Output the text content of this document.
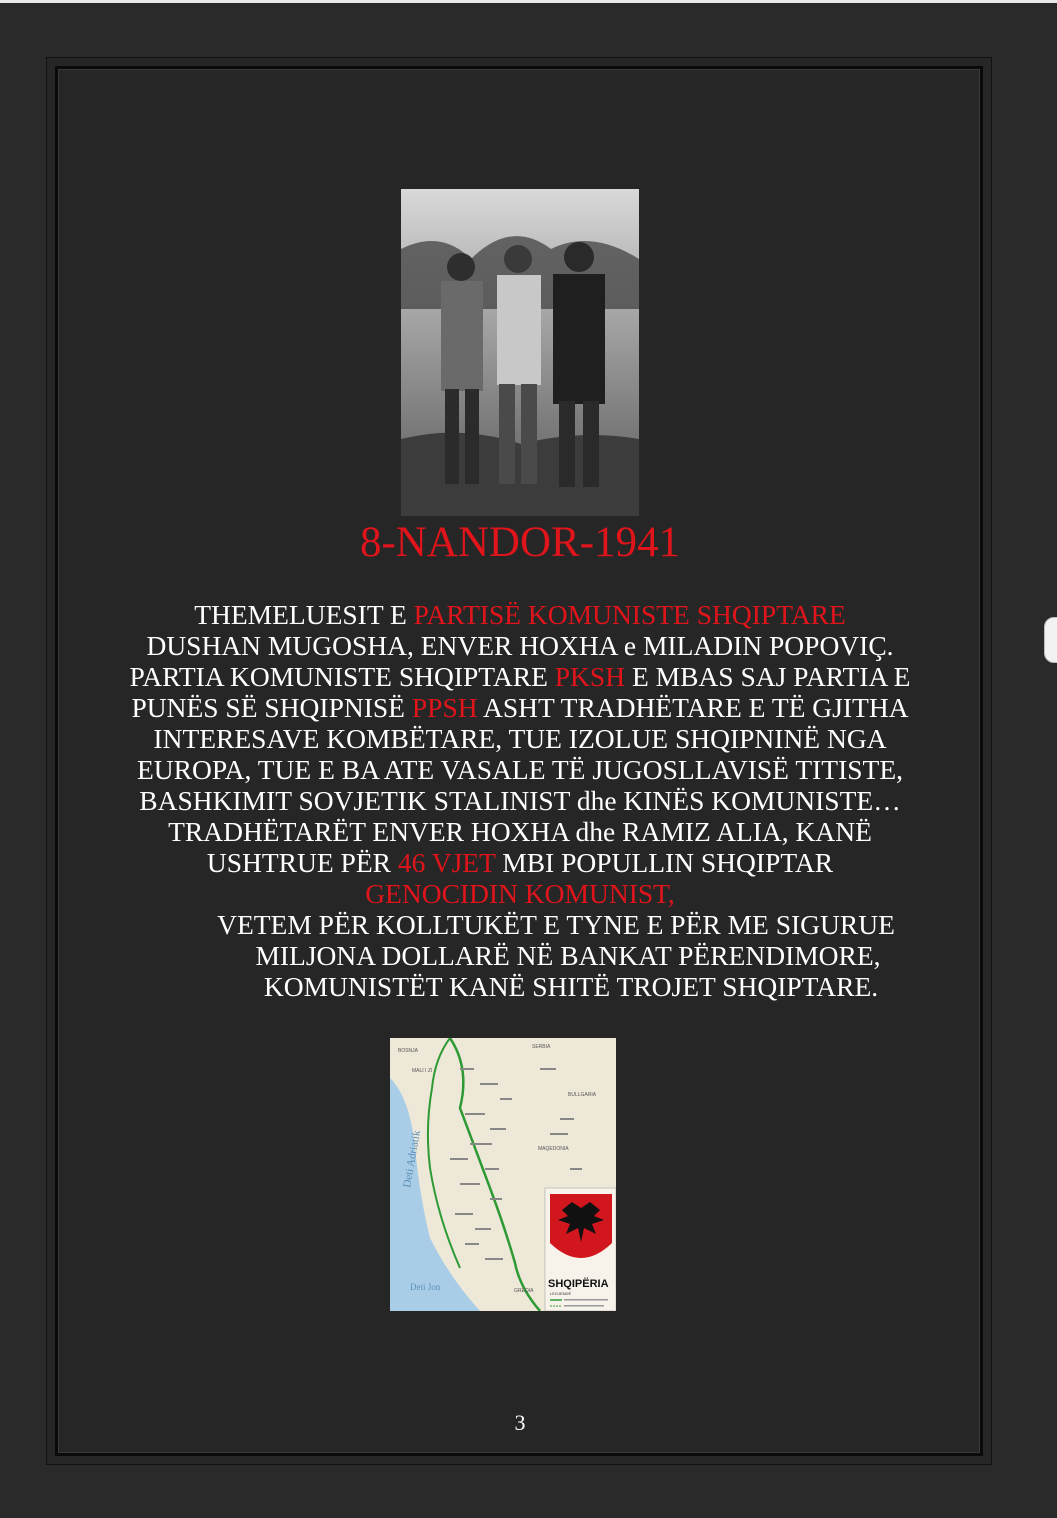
8-NANDOR-1941
THEMELUESIT E PARTISË KOMUNISTE SHQIPTARE
DUSHAN MUGOSHA, ENVER HOXHA e MILADIN POPOVIÇ.
PARTIA KOMUNISTE SHQIPTARE PKSH E MBAS SAJ PARTIA E
PUNËS SË SHQIPNISË PPSH ASHT TRADHËTARE E TË GJITHA
INTERESAVE KOMBËTARE, TUE IZOLUE SHQIPNINË NGA
EUROPA, TUE E BA ATE VASALE TË JUGOSLLAVISË TITISTE,
BASHKIMIT SOVJETIK STALINIST dhe KINËS KOMUNISTE…
TRADHËTARËT ENVER HOXHA dhe RAMIZ ALIA, KANË
USHTRUE PËR 46 VJET MBI POPULLIN SHQIPTAR
GENOCIDIN KOMUNIST,
VETEM PËR KOLLTUKËT E TYNE E PËR ME SIGURUE
MILJONA DOLLARË NË BANKAT PËRENDIMORE,
KOMUNISTËT KANË SHITË TROJET SHQIPTARE.
BOSNJA
SERBIA
MALI I ZI
BULLGARIA
MAQEDONIA
GREQIA
Deti Adriatik
Deti Jon	SHQIPËRIA
LEGJENDË
3
